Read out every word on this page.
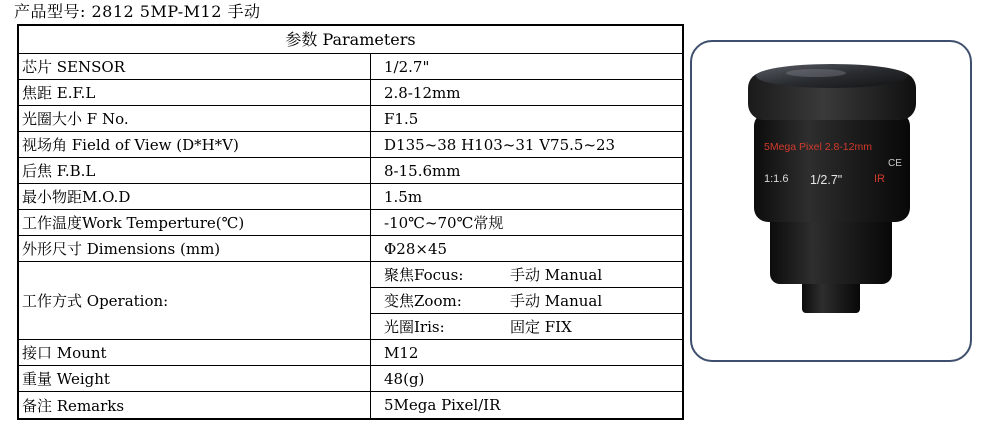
产品型号: 2812 5MP-M12 手动
参数 Parameters
芯片 SENSOR	1/2.7"
焦距 E.F.L	2.8-12mm
光圈大小 F No.	F1.5
视场角 Field of View (D*H*V)	D135~38 H103~31 V75.5~23
后焦 F.B.L	8-15.6mm
最小物距M.O.D	1.5m
工作温度Work Temperture(℃)	-10℃~70℃常规
外形尺寸 Dimensions (mm)	Φ28×45
工作方式 Operation:
聚焦Focus:	手动 Manual
变焦Zoom:	手动 Manual
光圈Iris:	固定 FIX
接口 Mount	M12
重量 Weight	48(g)
备注 Remarks	5Mega Pixel/IR
5Mega Pixel 2.8-12mm
CE
1:1.6 1/2.7"	IR
